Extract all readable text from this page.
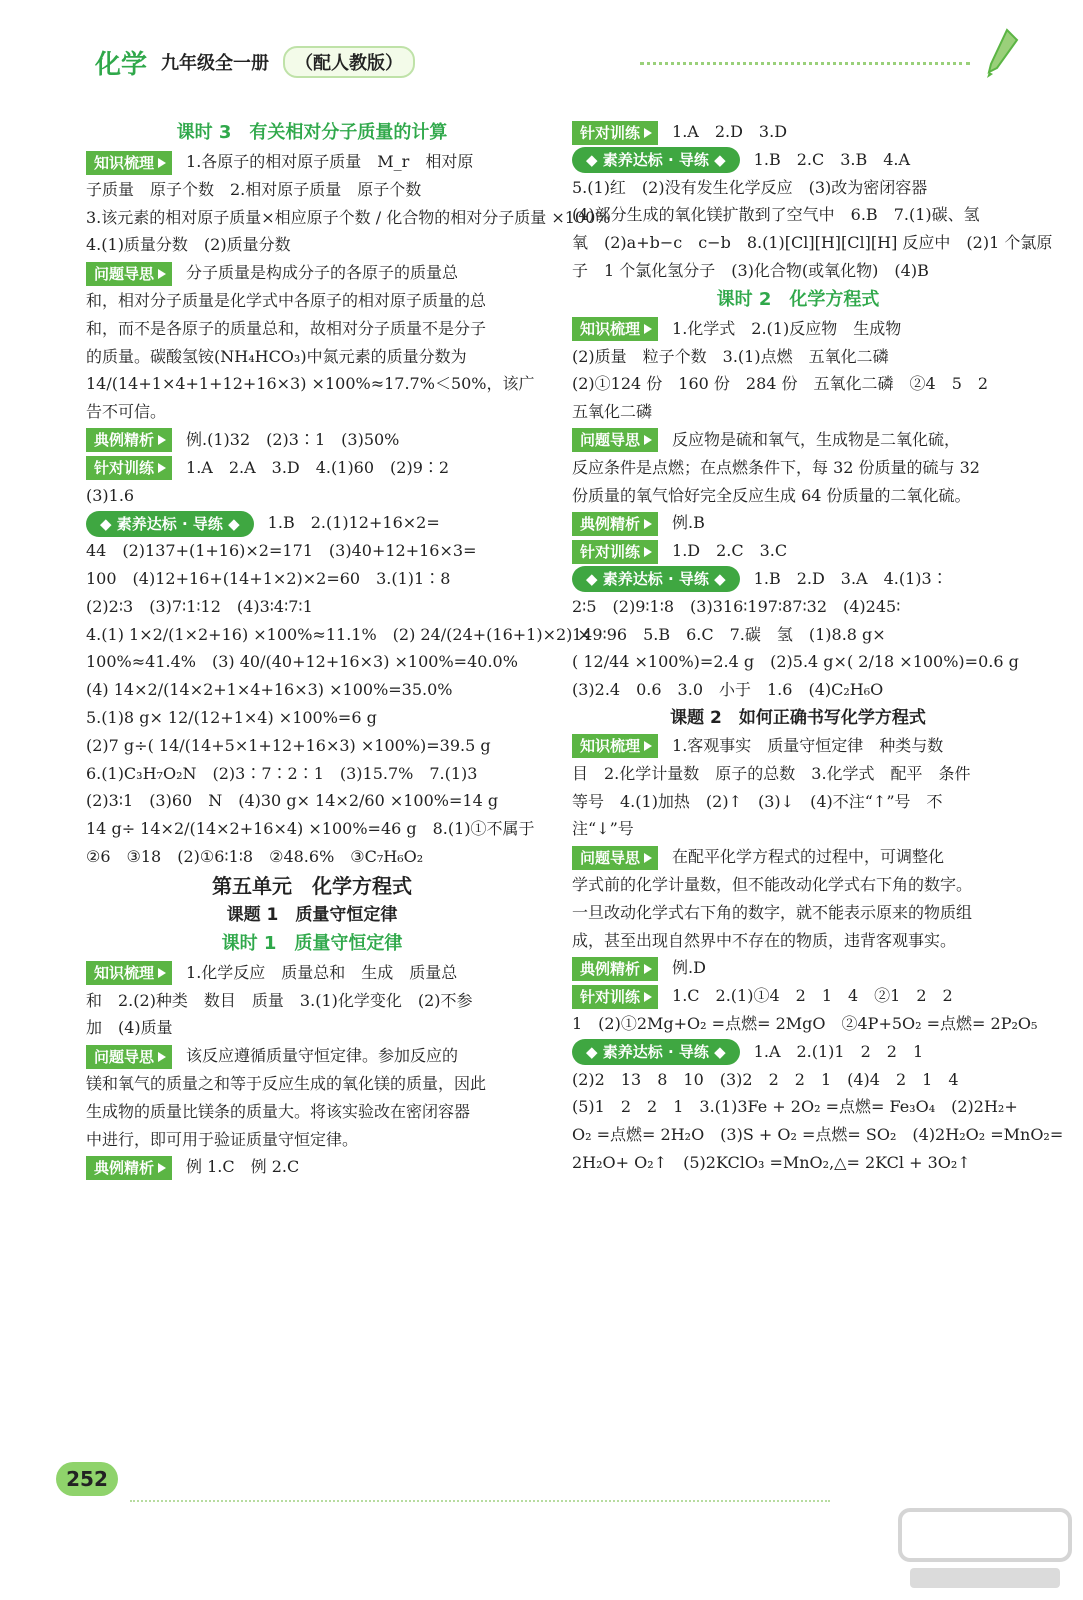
化学 九年级全一册	（配人教版）
课时 3　有关相对分子质量的计算
知识梳理 1.各原子的相对原子质量　M_r　相对原
子质量　原子个数　2.相对原子质量　原子个数
3.该元素的相对原子质量×相应原子个数 / 化合物的相对分子质量 ×100%
4.(1)质量分数　(2)质量分数
问题导思 分子质量是构成分子的各原子的质量总
和，相对分子质量是化学式中各原子的相对原子质量的总
和，而不是各原子的质量总和，故相对分子质量不是分子
的质量。碳酸氢铵(NH₄HCO₃)中氮元素的质量分数为
14/(14+1×4+1+12+16×3) ×100%≈17.7%＜50%，该广
告不可信。
典例精析 例.(1)32　(2)3∶1　(3)50%
针对训练 1.A　2.A　3.D　4.(1)60　(2)9∶2
(3)1.6
◆ 素养达标 · 导练 ◆ 1.B　2.(1)12+16×2=
44　(2)137+(1+16)×2=171　(3)40+12+16×3=
100　(4)12+16+(14+1×2)×2=60　3.(1)1∶8
(2)2∶3　(3)7∶1∶12　(4)3∶4∶7∶1
4.(1) 1×2/(1×2+16) ×100%≈11.1%　(2) 24/(24+(16+1)×2) ×
100%≈41.4%　(3) 40/(40+12+16×3) ×100%=40.0%
(4) 14×2/(14×2+1×4+16×3) ×100%=35.0%
5.(1)8 g× 12/(12+1×4) ×100%=6 g
(2)7 g÷( 14/(14+5×1+12+16×3) ×100%)=39.5 g
6.(1)C₃H₇O₂N　(2)3∶7∶2∶1　(3)15.7%　7.(1)3
(2)3∶1　(3)60　N　(4)30 g× 14×2/60 ×100%=14 g
14 g÷ 14×2/(14×2+16×4) ×100%=46 g　8.(1)①不属于
②6　③18　(2)①6∶1∶8　②48.6%　③C₇H₆O₂
第五单元　化学方程式
课题 1　质量守恒定律
课时 1　质量守恒定律
知识梳理 1.化学反应　质量总和　生成　质量总
和　2.(2)种类　数目　质量　3.(1)化学变化　(2)不参
加　(4)质量
问题导思 该反应遵循质量守恒定律。参加反应的
镁和氧气的质量之和等于反应生成的氧化镁的质量，因此
生成物的质量比镁条的质量大。将该实验改在密闭容器
中进行，即可用于验证质量守恒定律。
典例精析 例 1.C　例 2.C
针对训练 1.A　2.D　3.D
◆ 素养达标 · 导练 ◆ 1.B　2.C　3.B　4.A
5.(1)红　(2)没有发生化学反应　(3)改为密闭容器
(4)部分生成的氧化镁扩散到了空气中　6.B　7.(1)碳、氢
氧　(2)a+b−c　c−b　8.(1)[Cl][H][Cl][H] 反应中　(2)1 个氯原
子　1 个氯化氢分子　(3)化合物(或氧化物)　(4)B
课时 2　化学方程式
知识梳理 1.化学式　2.(1)反应物　生成物
(2)质量　粒子个数　3.(1)点燃　五氧化二磷
(2)①124 份　160 份　284 份　五氧化二磷　②4　5　2
五氧化二磷
问题导思 反应物是硫和氧气，生成物是二氧化硫，
反应条件是点燃；在点燃条件下，每 32 份质量的硫与 32
份质量的氧气恰好完全反应生成 64 份质量的二氧化硫。
典例精析 例.B
针对训练 1.D　2.C　3.C
◆ 素养达标 · 导练 ◆ 1.B　2.D　3.A　4.(1)3∶
2∶5　(2)9∶1∶8　(3)316∶197∶87∶32　(4)245∶
149∶96　5.B　6.C　7.碳　氢　(1)8.8 g×
( 12/44 ×100%)=2.4 g　(2)5.4 g×( 2/18 ×100%)=0.6 g
(3)2.4　0.6　3.0　小于　1.6　(4)C₂H₆O
课题 2　如何正确书写化学方程式
知识梳理 1.客观事实　质量守恒定律　种类与数
目　2.化学计量数　原子的总数　3.化学式　配平　条件
等号　4.(1)加热　(2)↑　(3)↓　(4)不注“↑”号　不
注“↓”号
问题导思 在配平化学方程式的过程中，可调整化
学式前的化学计量数，但不能改动化学式右下角的数字。
一旦改动化学式右下角的数字，就不能表示原来的物质组
成，甚至出现自然界中不存在的物质，违背客观事实。
典例精析 例.D
针对训练 1.C　2.(1)①4　2　1　4　②1　2　2
1　(2)①2Mg+O₂ =点燃= 2MgO　②4P+5O₂ =点燃= 2P₂O₅
◆ 素养达标 · 导练 ◆ 1.A　2.(1)1　2　2　1
(2)2　13　8　10　(3)2　2　2　1　(4)4　2　1　4
(5)1　2　2　1　3.(1)3Fe + 2O₂ =点燃= Fe₃O₄　(2)2H₂+
O₂ =点燃= 2H₂O　(3)S + O₂ =点燃= SO₂　(4)2H₂O₂ =MnO₂=
2H₂O+ O₂↑　(5)2KClO₃ =MnO₂,△= 2KCl + 3O₂↑
252
